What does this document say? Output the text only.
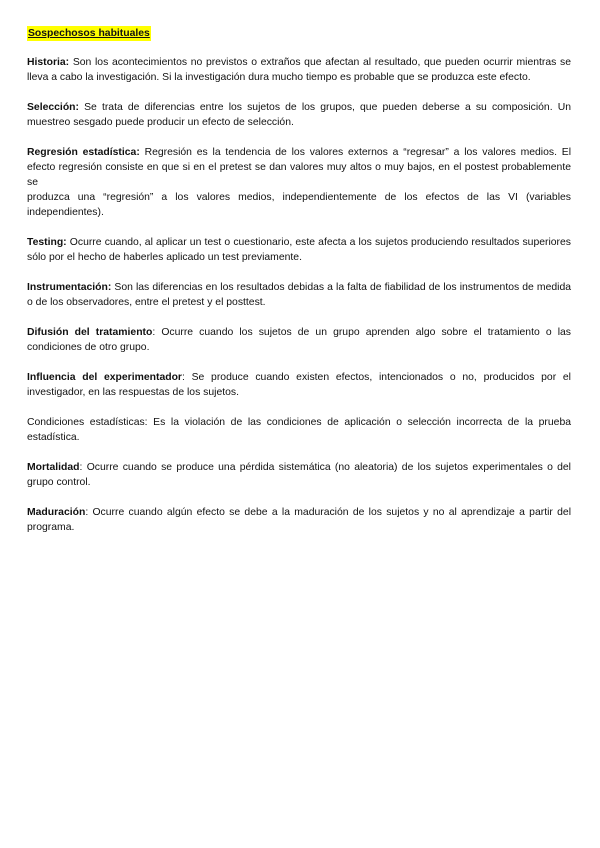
Sospechosos habituales

Historia: Son los acontecimientos no previstos o extraños que afectan al resultado, que pueden ocurrir mientras se lleva a cabo la investigación. Si la investigación dura mucho tiempo es probable que se produzca este efecto.

Selección: Se trata de diferencias entre los sujetos de los grupos, que pueden deberse a su composición. Un muestreo sesgado puede producir un efecto de selección.

Regresión estadística: Regresión es la tendencia de los valores externos a “regresar” a los valores medios. El efecto regresión consiste en que si en el pretest se dan valores muy altos o muy bajos, en el postest probablemente se
produzca una “regresión” a los valores medios, independientemente de los efectos de las VI (variables independientes).

Testing: Ocurre cuando, al aplicar un test o cuestionario, este afecta a los sujetos produciendo resultados superiores sólo por el hecho de haberles aplicado un test previamente.

Instrumentación: Son las diferencias en los resultados debidas a la falta de fiabilidad de los instrumentos de medida o de los observadores, entre el pretest y el posttest.

Difusión del tratamiento: Ocurre cuando los sujetos de un grupo aprenden algo sobre el tratamiento o las condiciones de otro grupo.

Influencia del experimentador: Se produce cuando existen efectos, intencionados o no, producidos por el investigador, en las respuestas de los sujetos.

Condiciones estadísticas: Es la violación de las condiciones de aplicación o selección incorrecta de la prueba estadística.

Mortalidad: Ocurre cuando se produce una pérdida sistemática (no aleatoria) de los sujetos experimentales o del grupo control.

Maduración: Ocurre cuando algún efecto se debe a la maduración de los sujetos y no al aprendizaje a partir del programa.
